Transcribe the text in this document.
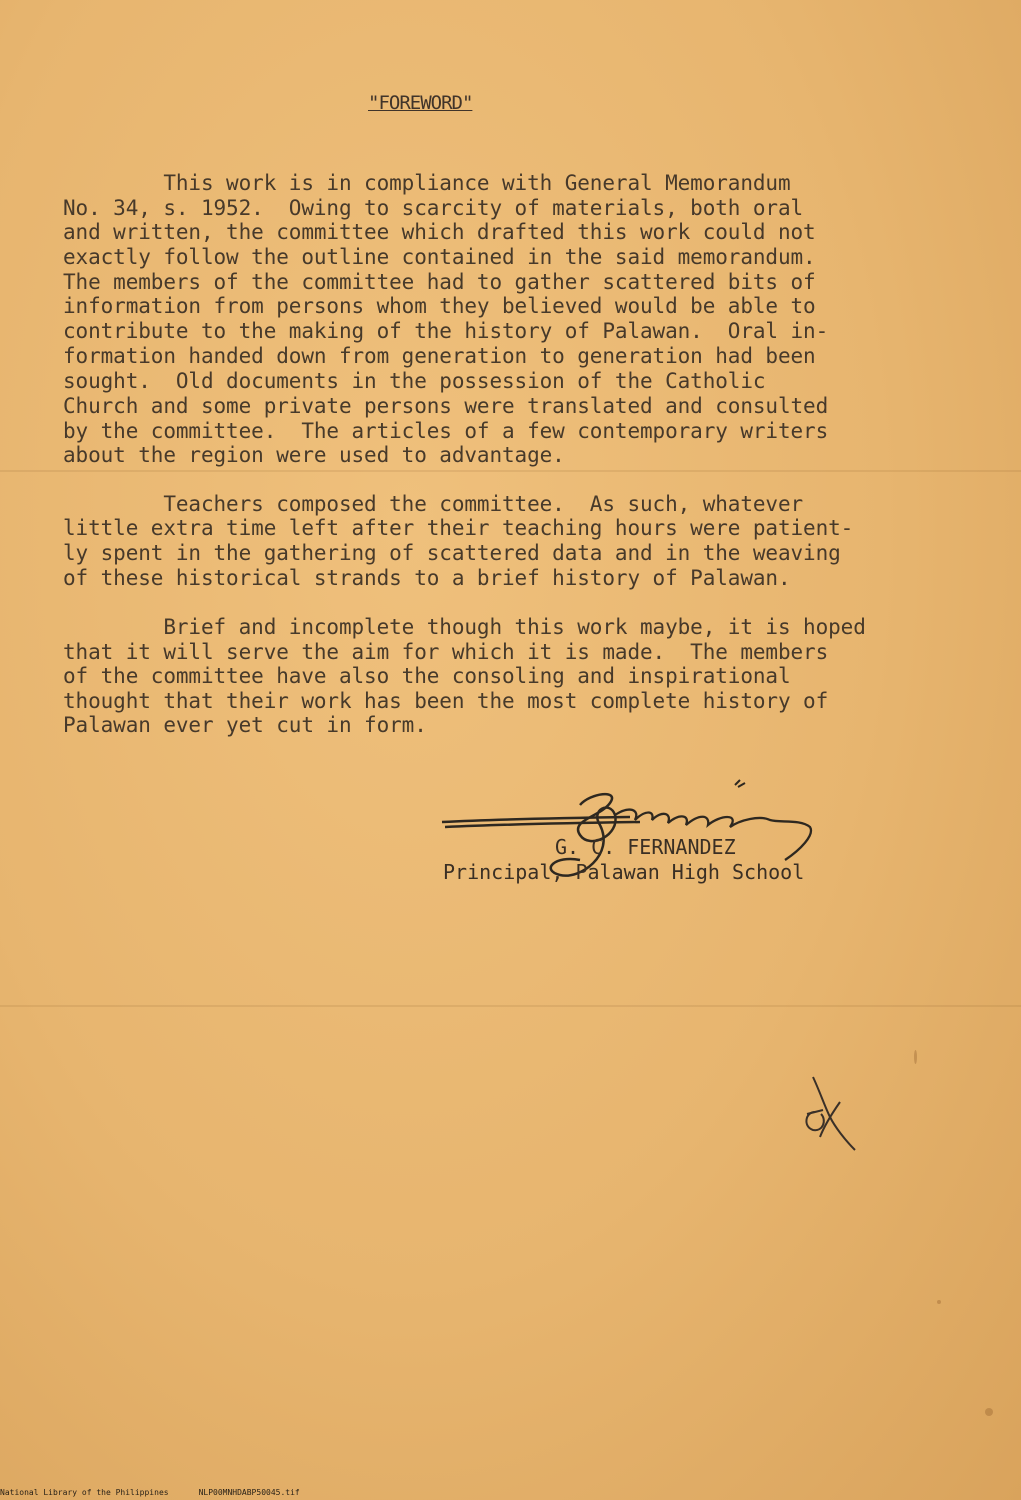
"FOREWORD"
This work is in compliance with General Memorandum
No. 34, s. 1952.  Owing to scarcity of materials, both oral
and written, the committee which drafted this work could not
exactly follow the outline contained in the said memorandum.
The members of the committee had to gather scattered bits of
information from persons whom they believed would be able to
contribute to the making of the history of Palawan.  Oral in-
formation handed down from generation to generation had been
sought.  Old documents in the possession of the Catholic
Church and some private persons were translated and consulted
by the committee.  The articles of a few contemporary writers
about the region were used to advantage.
Teachers composed the committee.  As such, whatever
little extra time left after their teaching hours were patient-
ly spent in the gathering of scattered data and in the weaving
of these historical strands to a brief history of Palawan.
Brief and incomplete though this work maybe, it is hoped
that it will serve the aim for which it is made.  The members
of the committee have also the consoling and inspirational
thought that their work has been the most complete history of
Palawan ever yet cut in form.
G. C. FERNANDEZ
Principal, Palawan High School
National Library of the Philippines	NLP00MNHDABP50045.tif
